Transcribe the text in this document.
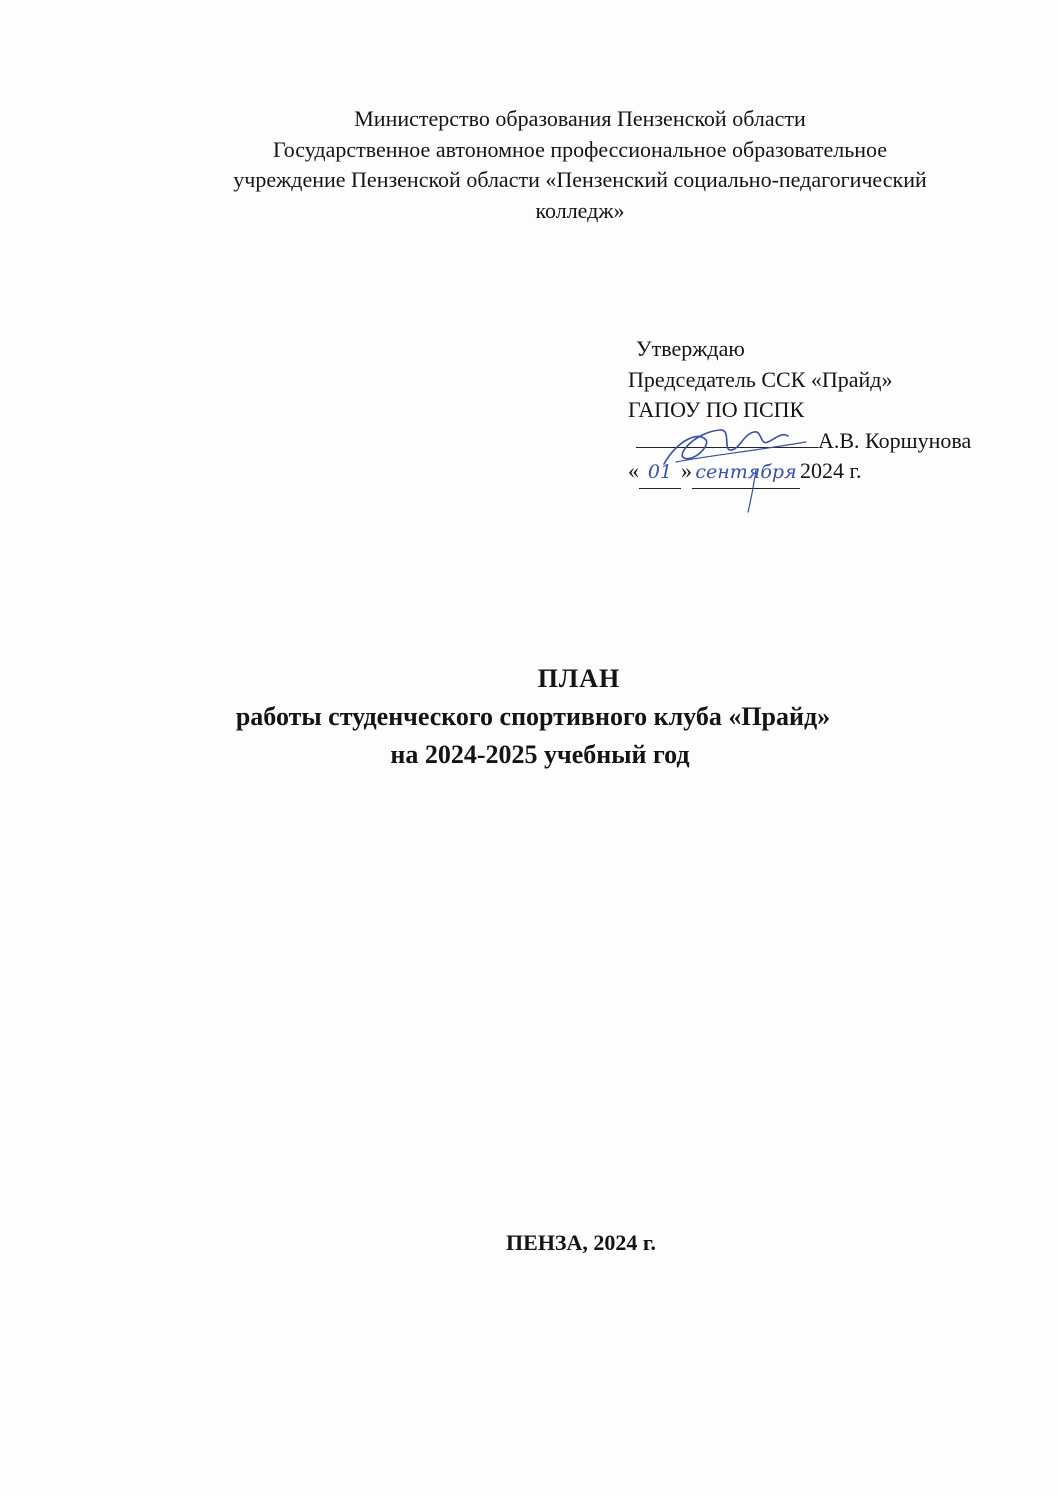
Министерство образования Пензенской области
Государственное автономное профессиональное образовательное
учреждение Пензенской области «Пензенский социально-педагогический
колледж»
Утверждаю
Председатель ССК «Прайд»
ГАПОУ ПО ПСПК
А.В. Коршунова
« 01 » сентября 2024 г.
ПЛАН
работы студенческого спортивного клуба «Прайд»
на 2024-2025 учебный год
ПЕНЗА, 2024 г.
